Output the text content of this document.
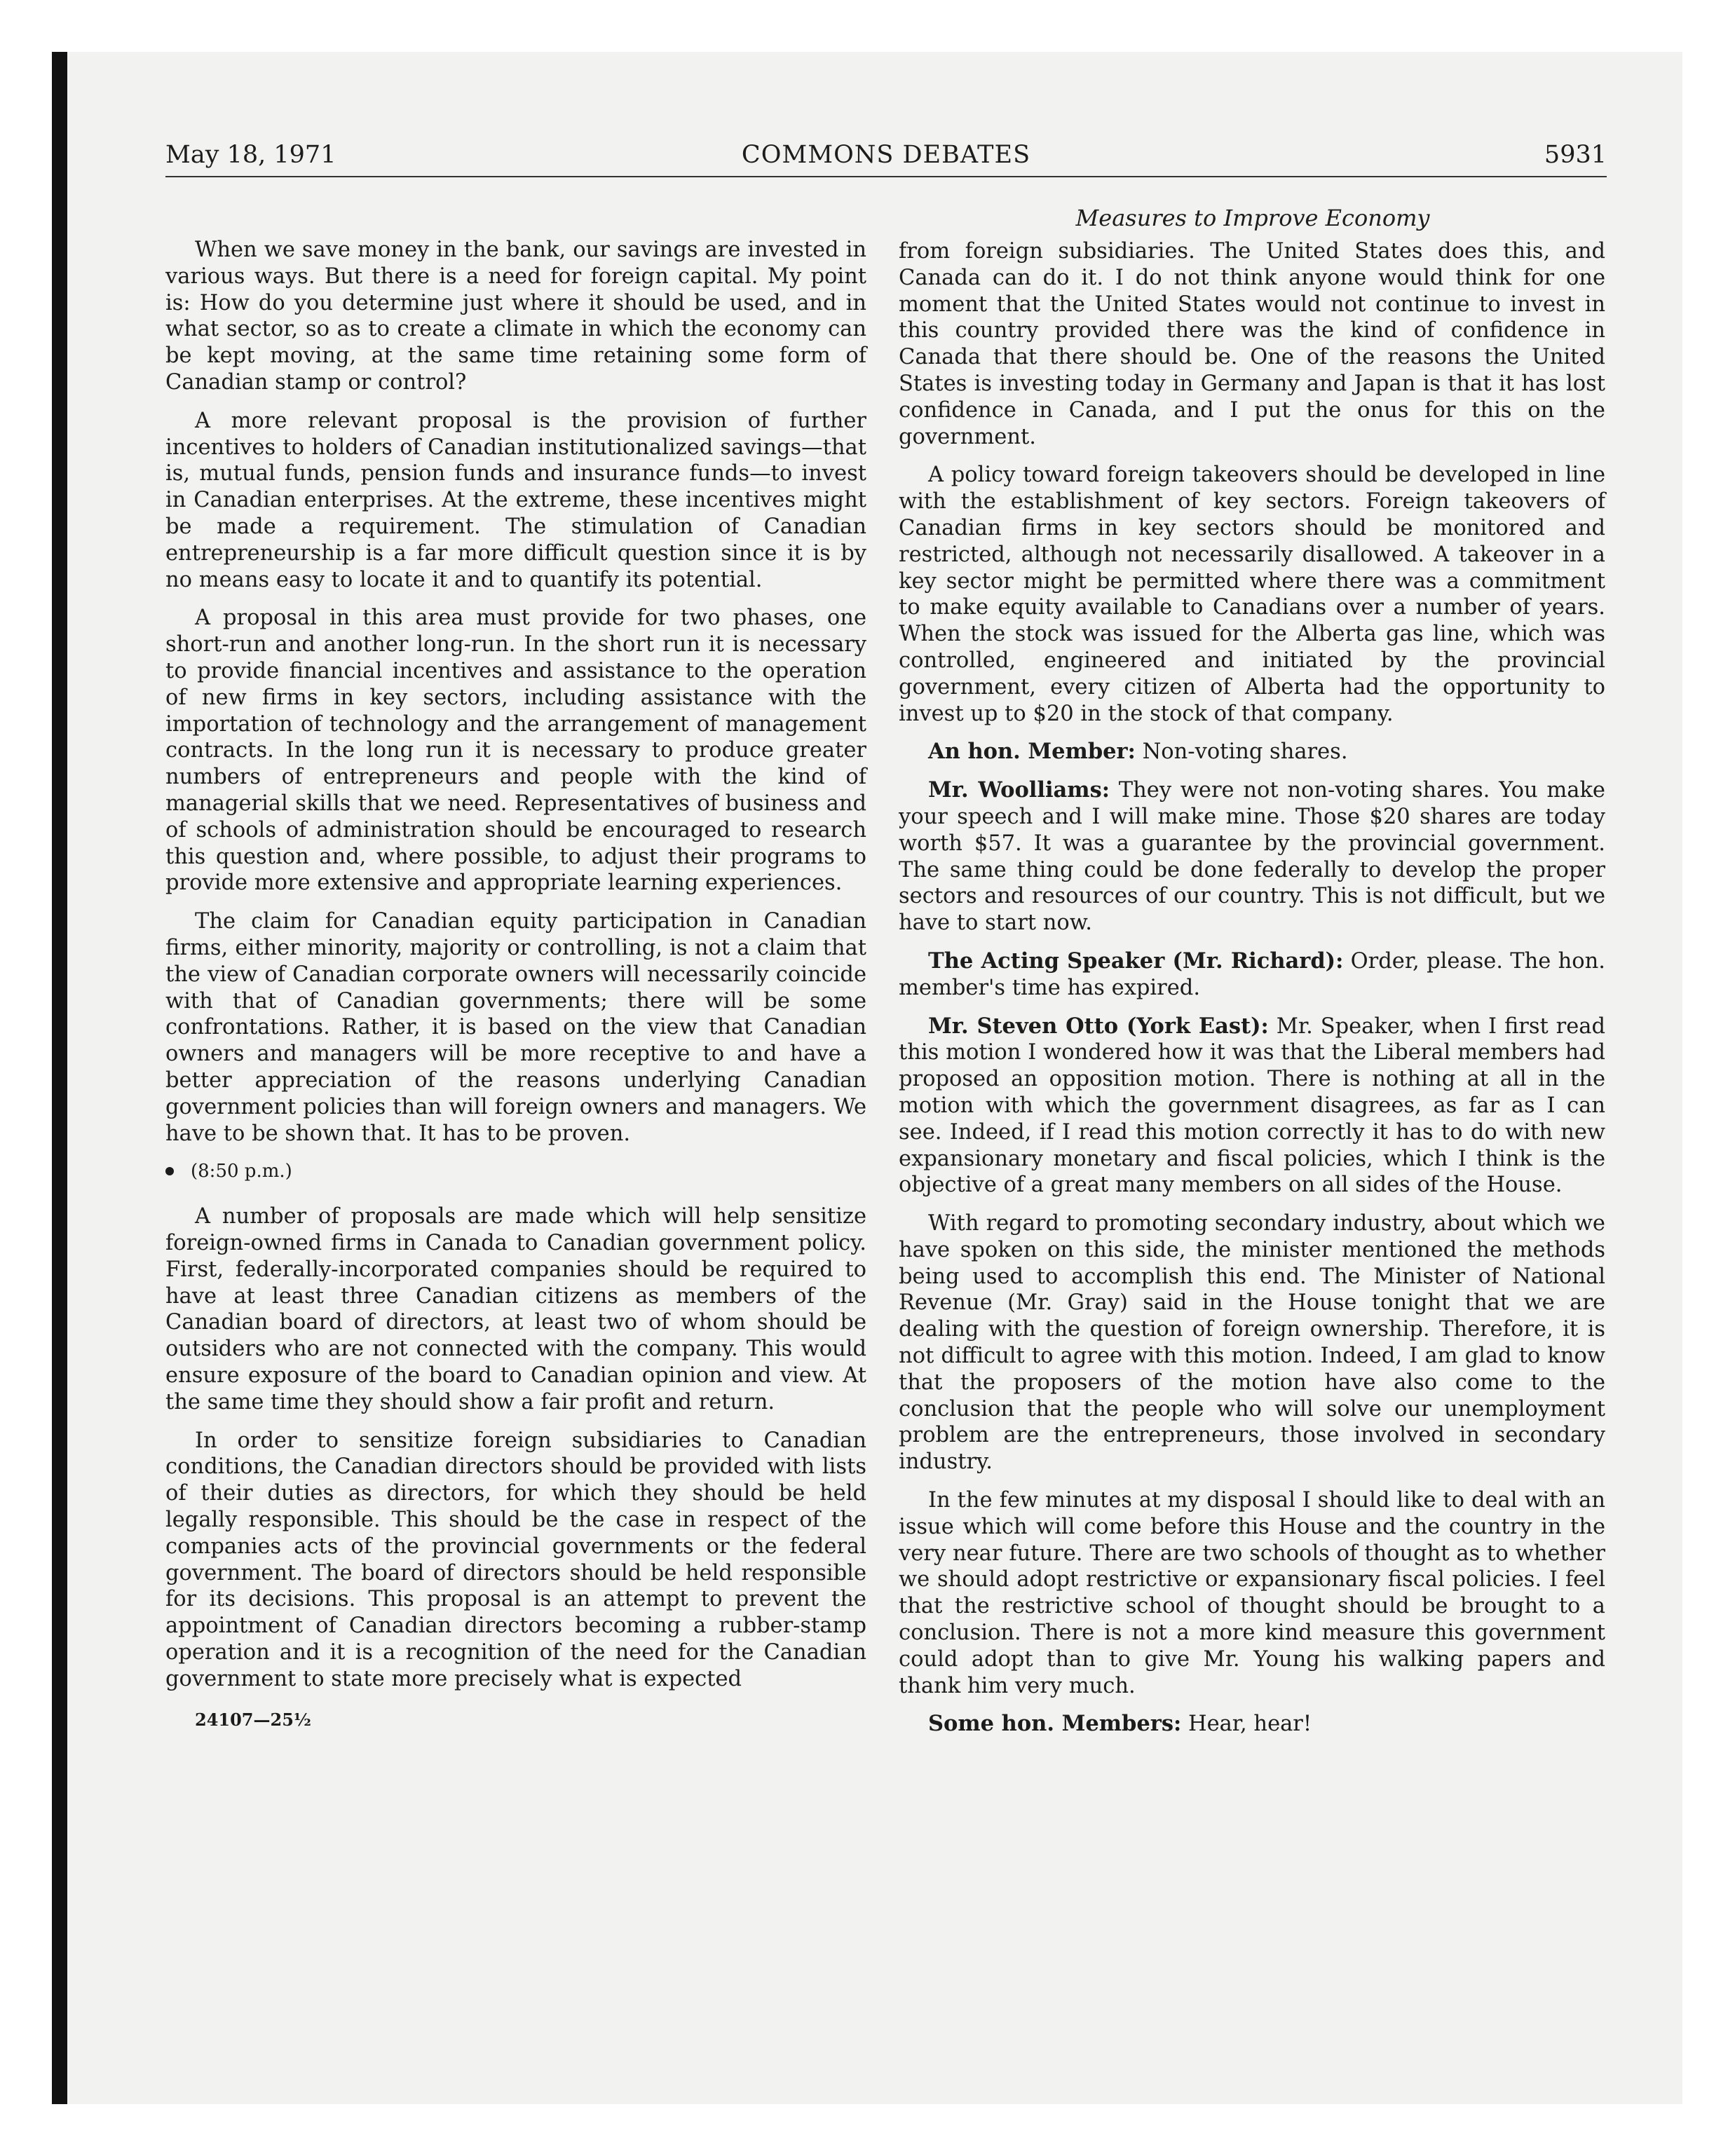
COMMONS DEBATES
May 18, 1971	5931
Measures to Improve Economy

When we save money in the bank, our savings are invested in various ways. But there is a need for foreign capital. My point is: How do you determine just where it should be used, and in what sector, so as to create a climate in which the economy can be kept moving, at the same time retaining some form of Canadian stamp or control?

A more relevant proposal is the provision of further incentives to holders of Canadian institutionalized savings—that is, mutual funds, pension funds and insurance funds—to invest in Canadian enterprises. At the extreme, these incentives might be made a requirement. The stimulation of Canadian entrepreneurship is a far more difficult question since it is by no means easy to locate it and to quantify its potential.

A proposal in this area must provide for two phases, one short-run and another long-run. In the short run it is necessary to provide financial incentives and assistance to the operation of new firms in key sectors, including assistance with the importation of technology and the arrangement of management contracts. In the long run it is necessary to produce greater numbers of entrepreneurs and people with the kind of managerial skills that we need. Representatives of business and of schools of administration should be encouraged to research this question and, where possible, to adjust their programs to provide more extensive and appropriate learning experiences.

The claim for Canadian equity participation in Canadian firms, either minority, majority or controlling, is not a claim that the view of Canadian corporate owners will necessarily coincide with that of Canadian governments; there will be some confrontations. Rather, it is based on the view that Canadian owners and managers will be more receptive to and have a better appreciation of the reasons underlying Canadian government policies than will foreign owners and managers. We have to be shown that. It has to be proven.

(8:50 p.m.)

A number of proposals are made which will help sensitize foreign-owned firms in Canada to Canadian government policy. First, federally-incorporated companies should be required to have at least three Canadian citizens as members of the Canadian board of directors, at least two of whom should be outsiders who are not connected with the company. This would ensure exposure of the board to Canadian opinion and view. At the same time they should show a fair profit and return.

In order to sensitize foreign subsidiaries to Canadian conditions, the Canadian directors should be provided with lists of their duties as directors, for which they should be held legally responsible. This should be the case in respect of the companies acts of the provincial governments or the federal government. The board of directors should be held responsible for its decisions. This proposal is an attempt to prevent the appointment of Canadian directors becoming a rubber-stamp operation and it is a recognition of the need for the Canadian government to state more precisely what is expected

24107—25½

from foreign subsidiaries. The United States does this, and Canada can do it. I do not think anyone would think for one moment that the United States would not continue to invest in this country provided there was the kind of confidence in Canada that there should be. One of the reasons the United States is investing today in Germany and Japan is that it has lost confidence in Canada, and I put the onus for this on the government.

A policy toward foreign takeovers should be developed in line with the establishment of key sectors. Foreign takeovers of Canadian firms in key sectors should be monitored and restricted, although not necessarily disallowed. A takeover in a key sector might be permitted where there was a commitment to make equity available to Canadians over a number of years. When the stock was issued for the Alberta gas line, which was controlled, engineered and initiated by the provincial government, every citizen of Alberta had the opportunity to invest up to $20 in the stock of that company.

An hon. Member: Non-voting shares.

Mr. Woolliams: They were not non-voting shares. You make your speech and I will make mine. Those $20 shares are today worth $57. It was a guarantee by the provincial government. The same thing could be done federally to develop the proper sectors and resources of our country. This is not difficult, but we have to start now.

The Acting Speaker (Mr. Richard): Order, please. The hon. member's time has expired.

Mr. Steven Otto (York East): Mr. Speaker, when I first read this motion I wondered how it was that the Liberal members had proposed an opposition motion. There is nothing at all in the motion with which the government disagrees, as far as I can see. Indeed, if I read this motion correctly it has to do with new expansionary monetary and fiscal policies, which I think is the objective of a great many members on all sides of the House.

With regard to promoting secondary industry, about which we have spoken on this side, the minister mentioned the methods being used to accomplish this end. The Minister of National Revenue (Mr. Gray) said in the House tonight that we are dealing with the question of foreign ownership. Therefore, it is not difficult to agree with this motion. Indeed, I am glad to know that the proposers of the motion have also come to the conclusion that the people who will solve our unemployment problem are the entrepreneurs, those involved in secondary industry.

In the few minutes at my disposal I should like to deal with an issue which will come before this House and the country in the very near future. There are two schools of thought as to whether we should adopt restrictive or expansionary fiscal policies. I feel that the restrictive school of thought should be brought to a conclusion. There is not a more kind measure this government could adopt than to give Mr. Young his walking papers and thank him very much.

Some hon. Members: Hear, hear!
